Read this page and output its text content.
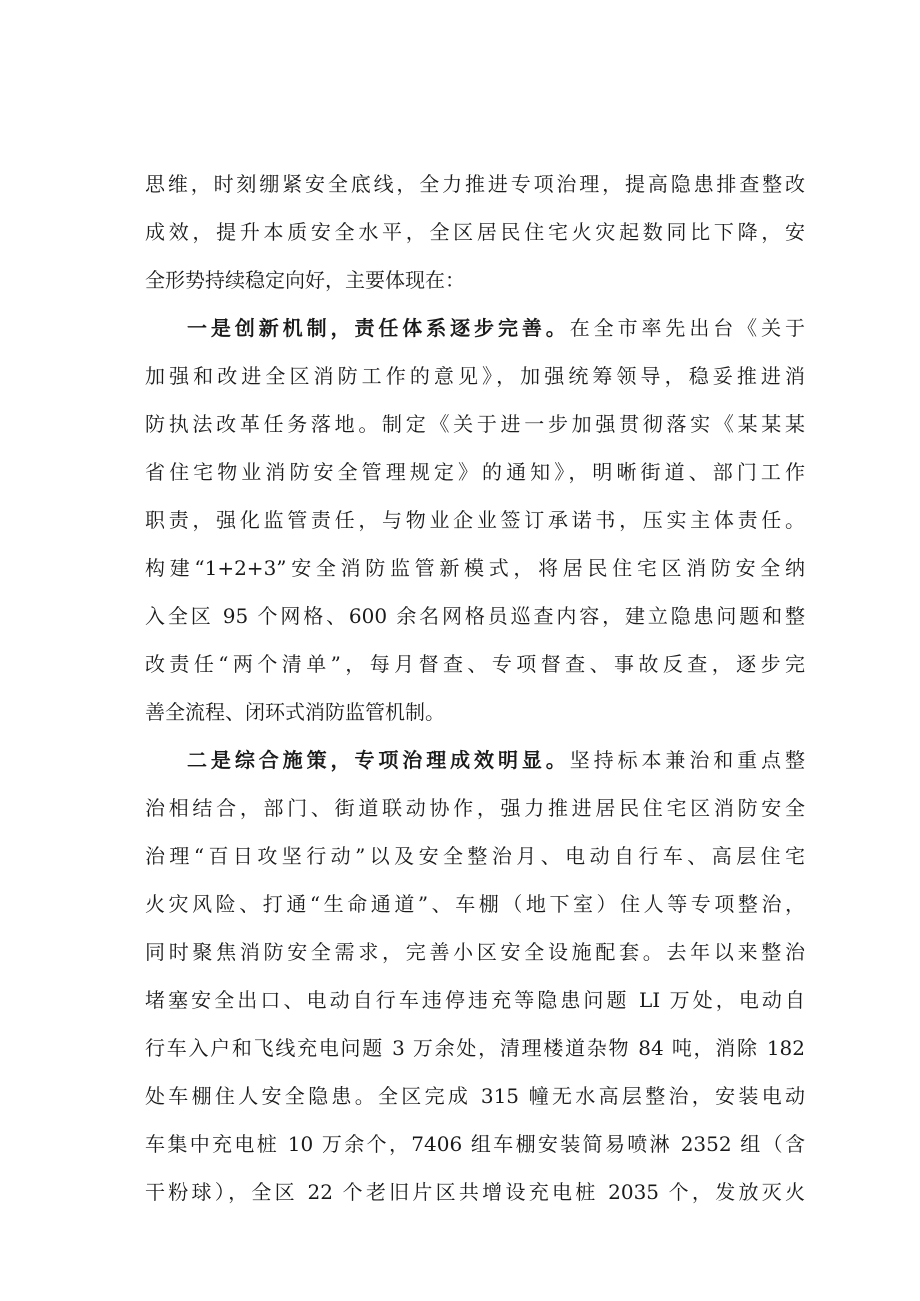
思维，时刻绷紧安全底线，全力推进专项治理，提高隐患排查整改
成效，提升本质安全水平，全区居民住宅火灾起数同比下降，安
全形势持续稳定向好，主要体现在：
一是创新机制，责任体系逐步完善。在全市率先出台《关于
加强和改进全区消防工作的意见》，加强统筹领导，稳妥推进消
防执法改革任务落地。制定《关于进一步加强贯彻落实《某某某
省住宅物业消防安全管理规定》的通知》，明晰街道、部门工作
职责，强化监管责任，与物业企业签订承诺书，压实主体责任。
构建“1+2+3”安全消防监管新模式，将居民住宅区消防安全纳
入全区 95 个网格、600 余名网格员巡查内容，建立隐患问题和整
改责任“两个清单”，每月督查、专项督查、事故反查，逐步完
善全流程、闭环式消防监管机制。
二是综合施策，专项治理成效明显。坚持标本兼治和重点整
治相结合，部门、街道联动协作，强力推进居民住宅区消防安全
治理“百日攻坚行动”以及安全整治月、电动自行车、高层住宅
火灾风险、打通“生命通道”、车棚（地下室）住人等专项整治，
同时聚焦消防安全需求，完善小区安全设施配套。去年以来整治
堵塞安全出口、电动自行车违停违充等隐患问题 LI 万处，电动自
行车入户和飞线充电问题 3 万余处，清理楼道杂物 84 吨，消除 182
处车棚住人安全隐患。全区完成 315 幢无水高层整治，安装电动
车集中充电桩 10 万余个，7406 组车棚安装简易喷淋 2352 组（含
干粉球），全区 22 个老旧片区共增设充电桩 2035 个，发放灭火
